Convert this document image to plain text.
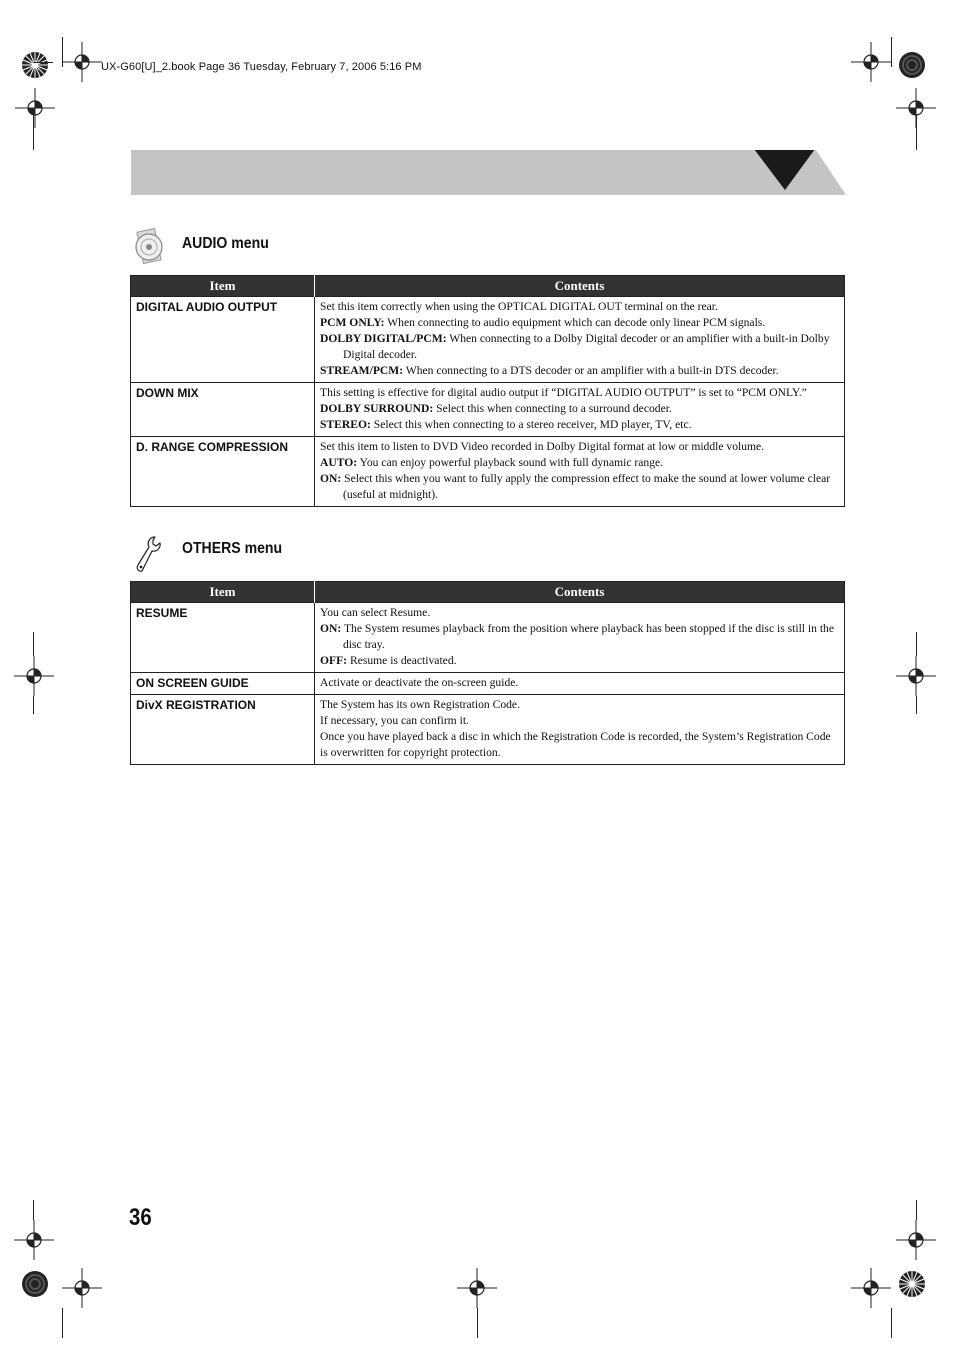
UX-G60[U]_2.book Page 36 Tuesday, February 7, 2006 5:16 PM
AUDIO menu
Item	Contents
DIGITAL AUDIO OUTPUT	Set this item correctly when using the OPTICAL DIGITAL OUT terminal on the rear.
PCM ONLY: When connecting to audio equipment which can decode only linear PCM signals.
DOLBY DIGITAL/PCM: When connecting to a Dolby Digital decoder or an amplifier with a built-in Dolby Digital decoder.
STREAM/PCM: When connecting to a DTS decoder or an amplifier with a built-in DTS decoder.

DOWN MIX	This setting is effective for digital audio output if “DIGITAL AUDIO OUTPUT” is set to “PCM ONLY.”
DOLBY SURROUND: Select this when connecting to a surround decoder.
STEREO: Select this when connecting to a stereo receiver, MD player, TV, etc.

D. RANGE COMPRESSION	Set this item to listen to DVD Video recorded in Dolby Digital format at low or middle volume.
AUTO: You can enjoy powerful playback sound with full dynamic range.
ON: Select this when you want to fully apply the compression effect to make the sound at lower volume clear (useful at midnight).
OTHERS menu
Item	Contents
RESUME	You can select Resume.
ON: The System resumes playback from the position where playback has been stopped if the disc is still in the disc tray.
OFF: Resume is deactivated.

ON SCREEN GUIDE	Activate or deactivate the on-screen guide.

DivX REGISTRATION	The System has its own Registration Code.
If necessary, you can confirm it.
Once you have played back a disc in which the Registration Code is recorded, the System’s Registration Code is overwritten for copyright protection.
36
